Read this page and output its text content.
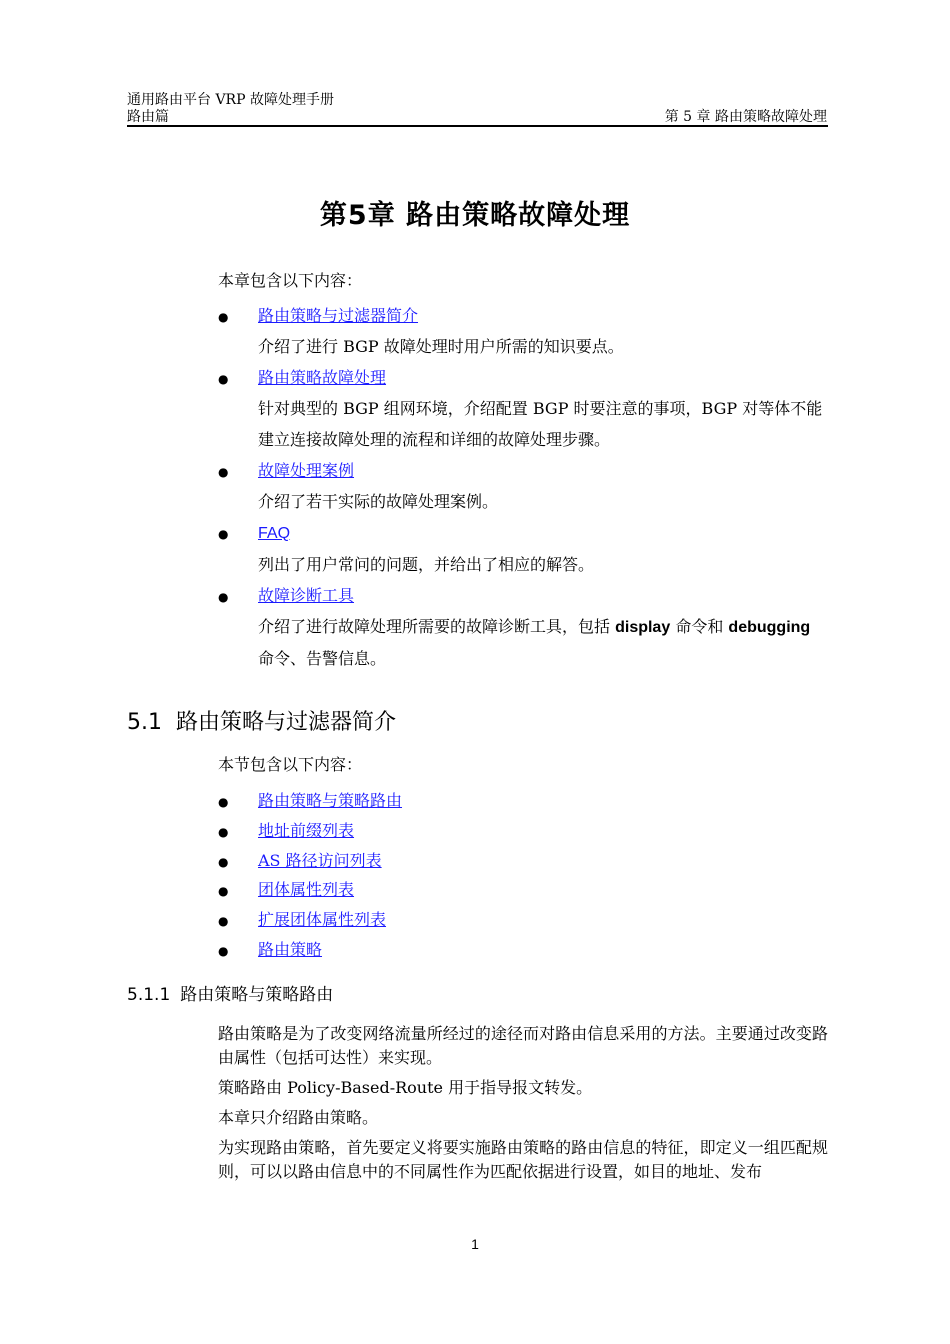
通用路由平台 VRP 故障处理手册
路由篇	第 5 章 路由策略故障处理
第5章 路由策略故障处理

本章包含以下内容：

● 路由策略与过滤器简介
介绍了进行 BGP 故障处理时用户所需的知识要点。
● 路由策略故障处理
针对典型的 BGP 组网环境，介绍配置 BGP 时要注意的事项，BGP 对等体不能建立连接故障处理的流程和详细的故障处理步骤。
● 故障处理案例
介绍了若干实际的故障处理案例。
● FAQ
列出了用户常问的问题，并给出了相应的解答。
● 故障诊断工具
介绍了进行故障处理所需要的故障诊断工具，包括 display 命令和 debugging 命令、告警信息。
5.1 路由策略与过滤器简介

本节包含以下内容：

● 路由策略与策略路由
● 地址前缀列表
● AS 路径访问列表
● 团体属性列表
● 扩展团体属性列表
● 路由策略
5.1.1 路由策略与策略路由

路由策略是为了改变网络流量所经过的途径而对路由信息采用的方法。主要通过改变路由属性（包括可达性）来实现。

策略路由 Policy-Based-Route 用于指导报文转发。

本章只介绍路由策略。

为实现路由策略，首先要定义将要实施路由策略的路由信息的特征，即定义一组匹配规则，可以以路由信息中的不同属性作为匹配依据进行设置，如目的地址、发布

1
